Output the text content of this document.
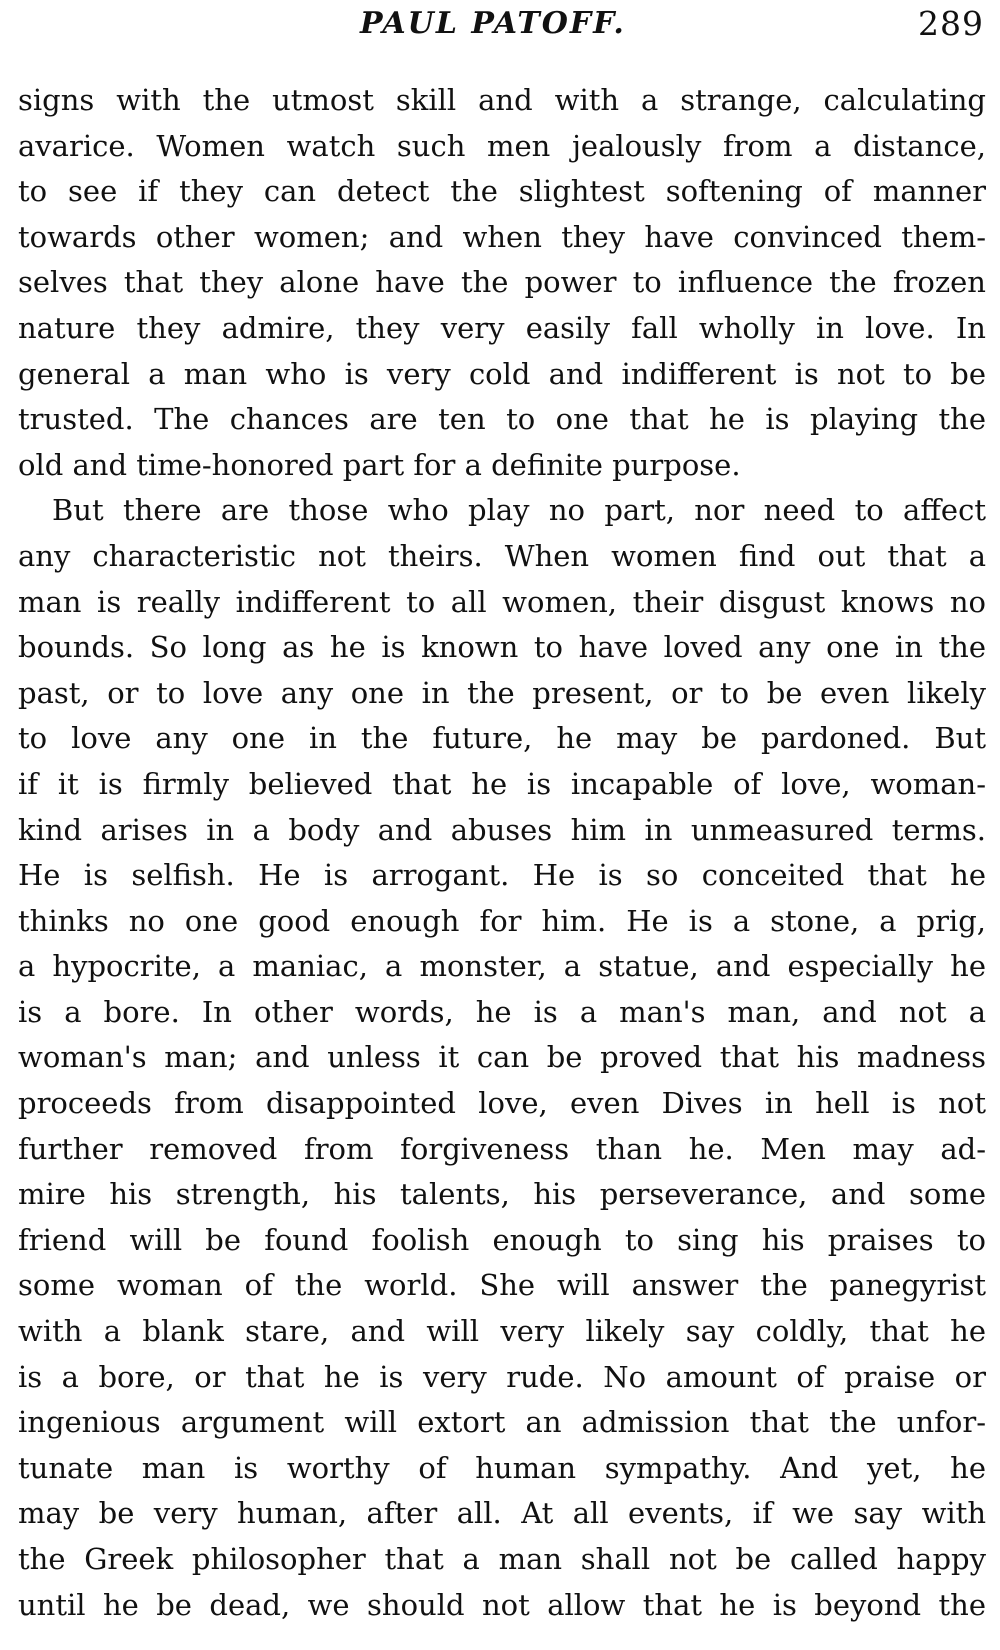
PAUL PATOFF.	289
signs with the utmost skill and with a strange, calculating
avarice. Women watch such men jealously from a distance,
to see if they can detect the slightest softening of manner
towards other women; and when they have convinced them-
selves that they alone have the power to influence the frozen
nature they admire, they very easily fall wholly in love. In
general a man who is very cold and indifferent is not to be
trusted. The chances are ten to one that he is playing the
old and time-honored part for a definite purpose.
But there are those who play no part, nor need to affect
any characteristic not theirs. When women find out that a
man is really indifferent to all women, their disgust knows no
bounds. So long as he is known to have loved any one in the
past, or to love any one in the present, or to be even likely
to love any one in the future, he may be pardoned. But
if it is firmly believed that he is incapable of love, woman-
kind arises in a body and abuses him in unmeasured terms.
He is selfish. He is arrogant. He is so conceited that he
thinks no one good enough for him. He is a stone, a prig,
a hypocrite, a maniac, a monster, a statue, and especially he
is a bore. In other words, he is a man's man, and not a
woman's man; and unless it can be proved that his madness
proceeds from disappointed love, even Dives in hell is not
further removed from forgiveness than he. Men may ad-
mire his strength, his talents, his perseverance, and some
friend will be found foolish enough to sing his praises to
some woman of the world. She will answer the panegyrist
with a blank stare, and will very likely say coldly, that he
is a bore, or that he is very rude. No amount of praise or
ingenious argument will extort an admission that the unfor-
tunate man is worthy of human sympathy. And yet, he
may be very human, after all. At all events, if we say with
the Greek philosopher that a man shall not be called happy
until he be dead, we should not allow that he is beyond the
